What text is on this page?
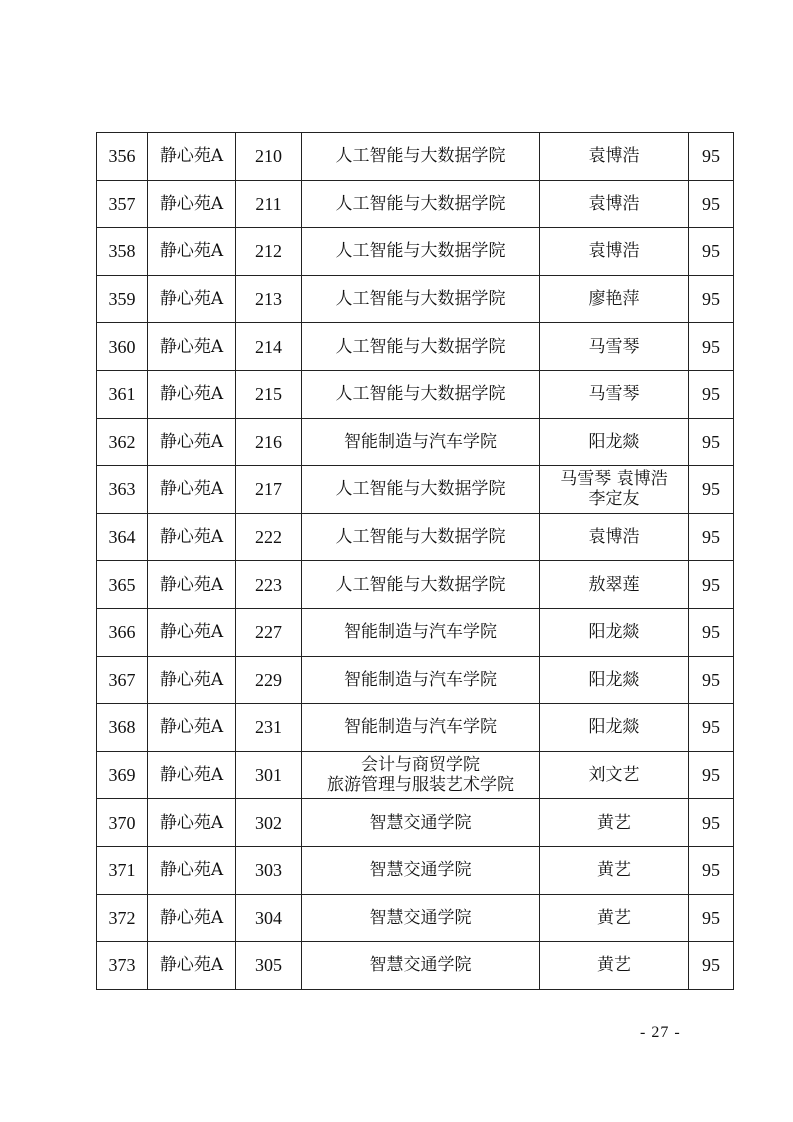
356	静心苑A	210	人工智能与大数据学院	袁博浩	95

357	静心苑A	211	人工智能与大数据学院	袁博浩	95

358	静心苑A	212	人工智能与大数据学院	袁博浩	95

359	静心苑A	213	人工智能与大数据学院	廖艳萍	95

360	静心苑A	214	人工智能与大数据学院	马雪琴	95

361	静心苑A	215	人工智能与大数据学院	马雪琴	95

362	静心苑A	216	智能制造与汽车学院	阳龙燚	95

363	静心苑A	217	人工智能与大数据学院	马雪琴 袁博浩
李定友	95

364	静心苑A	222	人工智能与大数据学院	袁博浩	95

365	静心苑A	223	人工智能与大数据学院	敖翠莲	95

366	静心苑A	227	智能制造与汽车学院	阳龙燚	95

367	静心苑A	229	智能制造与汽车学院	阳龙燚	95

368	静心苑A	231	智能制造与汽车学院	阳龙燚	95

369	静心苑A	301	会计与商贸学院
旅游管理与服装艺术学院	刘文艺	95

370	静心苑A	302	智慧交通学院	黄艺	95

371	静心苑A	303	智慧交通学院	黄艺	95

372	静心苑A	304	智慧交通学院	黄艺	95

373	静心苑A	305	智慧交通学院	黄艺	95
- 27 -
